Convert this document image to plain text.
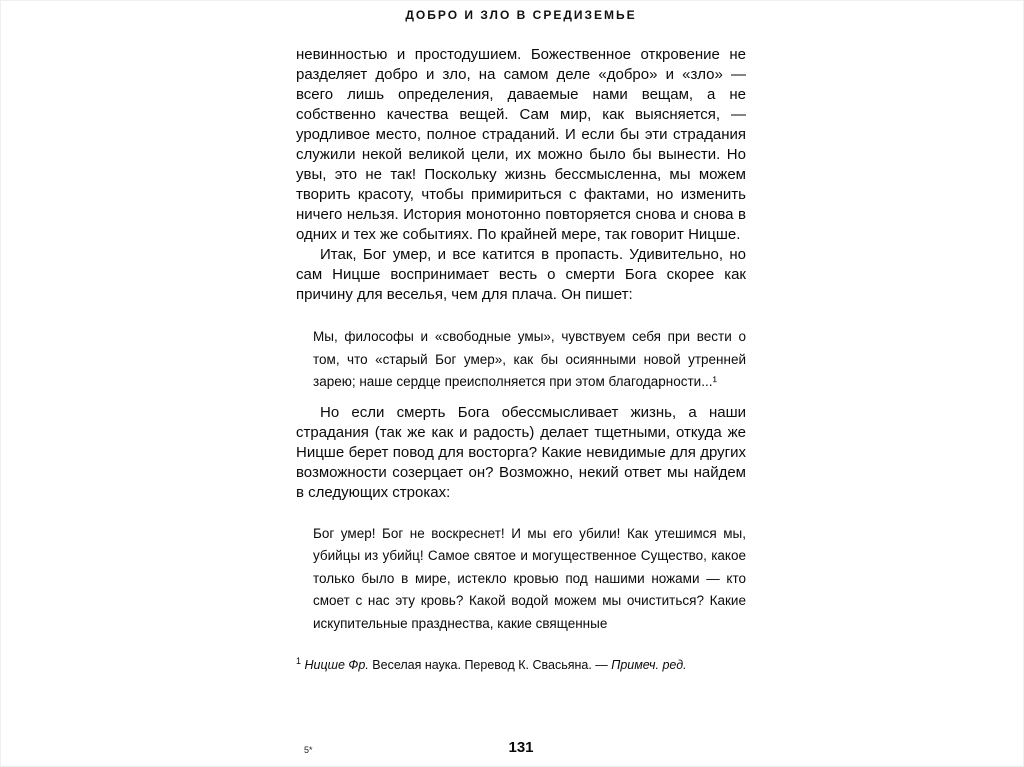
ДОБРО И ЗЛО В СРЕДИЗЕМЬЕ

невинностью и простодушием. Божественное откровение не разделяет добро и зло, на самом деле «добро» и «зло» — всего лишь определения, даваемые нами вещам, а не собственно качества вещей. Сам мир, как выясняется, — уродливое место, полное страданий. И если бы эти страдания служили некой великой цели, их можно было бы вынести. Но увы, это не так! Поскольку жизнь бессмысленна, мы можем творить красоту, чтобы примириться с фактами, но изменить ничего нельзя. История монотонно повторяется снова и снова в одних и тех же событиях. По крайней мере, так говорит Ницше.

Итак, Бог умер, и все катится в пропасть. Удивительно, но сам Ницше воспринимает весть о смерти Бога скорее как причину для веселья, чем для плача. Он пишет:

Мы, философы и «свободные умы», чувствуем себя при вести о том, что «старый Бог умер», как бы осиянными новой утренней зарею; наше сердце преисполняется при этом благодарности...¹

Но если смерть Бога обессмысливает жизнь, а наши страдания (так же как и радость) делает тщетными, откуда же Ницше берет повод для восторга? Какие невидимые для других возможности созерцает он? Возможно, некий ответ мы найдем в следующих строках:

Бог умер! Бог не воскреснет! И мы его убили! Как утешимся мы, убийцы из убийц! Самое святое и могущественное Существо, какое только было в мире, истекло кровью под нашими ножами — кто смоет с нас эту кровь? Какой водой можем мы очиститься? Какие искупительные празднества, какие священные

$^1$ Ницше Фр. Веселая наука. Перевод К. Свасьяна. — Примеч. ред.

5*	131
